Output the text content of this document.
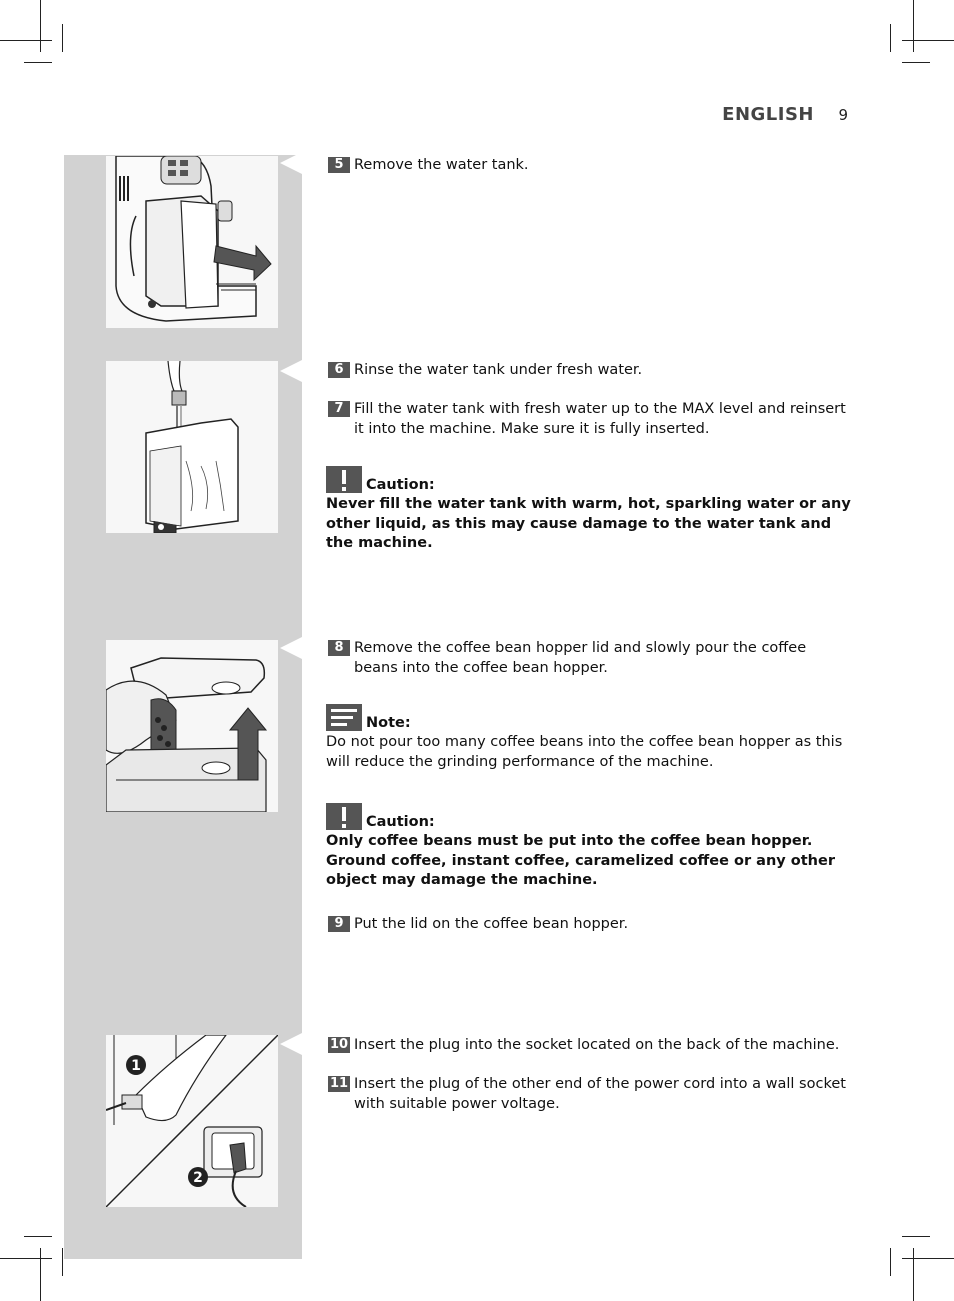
ENGLISH 9
1
2
5 Remove the water tank.
6 Rinse the water tank under fresh water.
7 Fill the water tank with fresh water up to the MAX level and reinsert it into the machine. Make sure it is fully inserted.
Caution:
Never fill the water tank with warm, hot, sparkling water or any other liquid, as this may cause damage to the water tank and the machine.
8 Remove the coffee bean hopper lid and slowly pour the coffee beans into the coffee bean hopper.
Note:
Do not pour too many coffee beans into the coffee bean hopper as this will reduce the grinding performance of the machine.
Caution:
Only coffee beans must be put into the coffee bean hopper. Ground coffee, instant coffee, caramelized coffee or any other object may damage the machine.
9 Put the lid on the coffee bean hopper.
10 Insert the plug into the socket located on the back of the machine.
11 Insert the plug of the other end of the power cord into a wall socket with suitable power voltage.
